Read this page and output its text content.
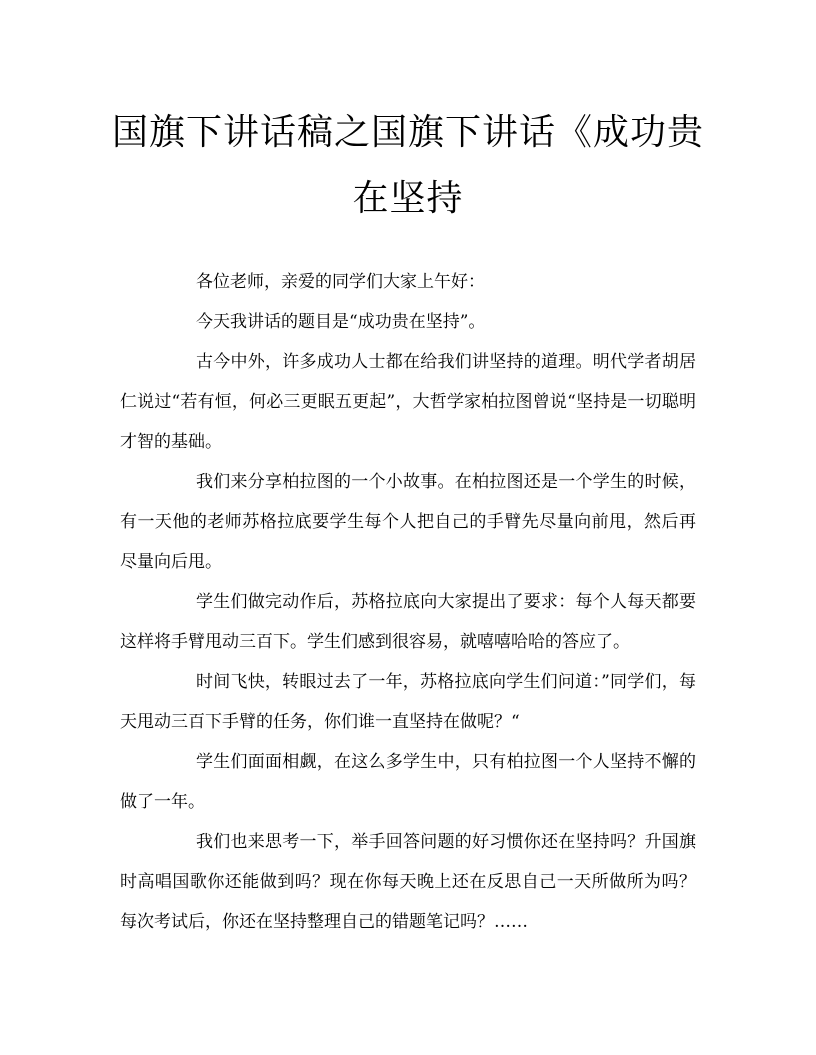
国旗下讲话稿之国旗下讲话《成功贵在坚持

各位老师，亲爱的同学们大家上午好：

今天我讲话的题目是“成功贵在坚持”。

古今中外，许多成功人士都在给我们讲坚持的道理。明代学者胡居仁说过“若有恒，何必三更眠五更起”，大哲学家柏拉图曾说“坚持是一切聪明才智的基础。

我们来分享柏拉图的一个小故事。在柏拉图还是一个学生的时候，有一天他的老师苏格拉底要学生每个人把自己的手臂先尽量向前甩，然后再尽量向后甩。

学生们做完动作后，苏格拉底向大家提出了要求：每个人每天都要这样将手臂甩动三百下。学生们感到很容易，就嘻嘻哈哈的答应了。

时间飞快，转眼过去了一年，苏格拉底向学生们问道：”同学们，每天甩动三百下手臂的任务，你们谁一直坚持在做呢？“

学生们面面相觑，在这么多学生中，只有柏拉图一个人坚持不懈的做了一年。

我们也来思考一下，举手回答问题的好习惯你还在坚持吗？升国旗时高唱国歌你还能做到吗？现在你每天晚上还在反思自己一天所做所为吗？每次考试后，你还在坚持整理自己的错题笔记吗？……
